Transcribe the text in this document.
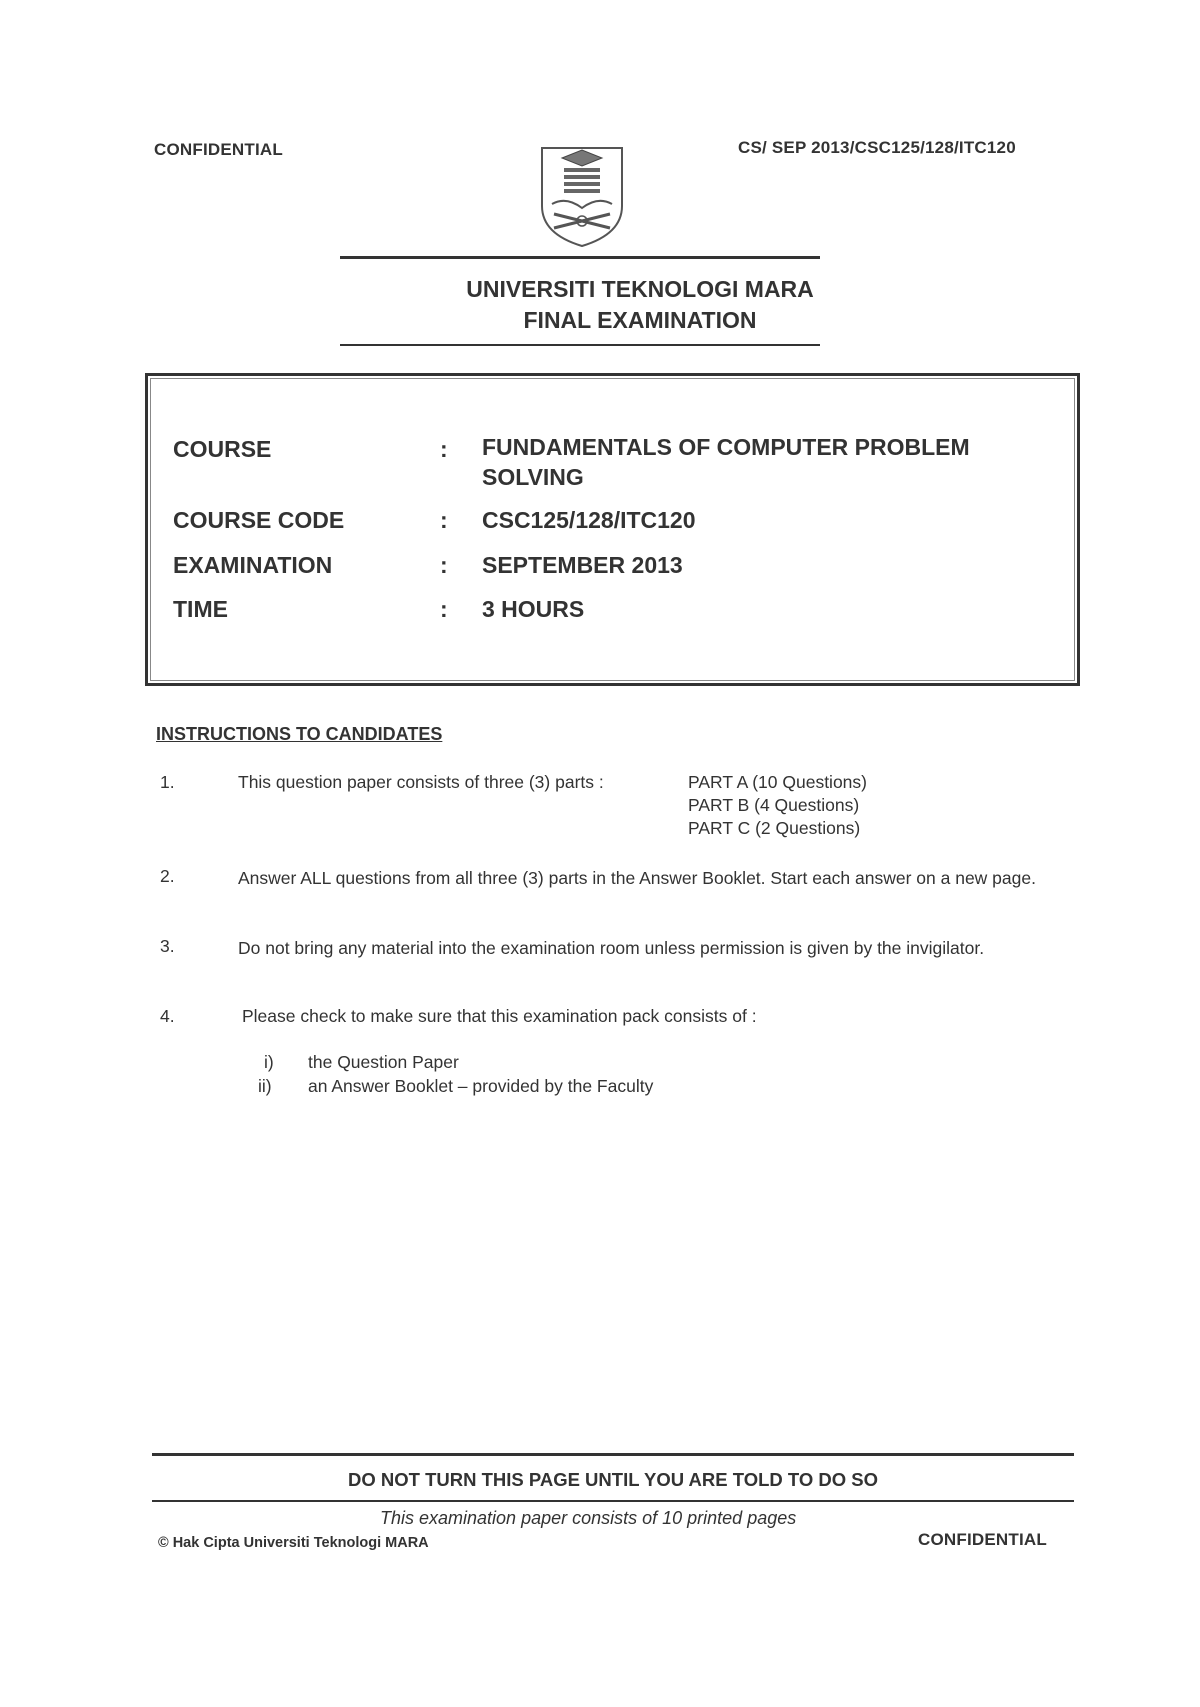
CONFIDENTIAL	CS/ SEP 2013/CSC125/128/ITC120
UNIVERSITI TEKNOLOGI MARA
FINAL EXAMINATION
COURSE	: FUNDAMENTALS OF COMPUTER PROBLEM
SOLVING
COURSE CODE	: CSC125/128/ITC120
EXAMINATION	: SEPTEMBER 2013
TIME	: 3 HOURS
INSTRUCTIONS TO CANDIDATES
1.	This question paper consists of three (3) parts :	PART A (10 Questions)
PART B (4 Questions)
PART C (2 Questions)
2.	Answer ALL questions from all three (3) parts in the Answer Booklet. Start each answer on a new page.
3.	Do not bring any material into the examination room unless permission is given by the invigilator.
4.	Please check to make sure that this examination pack consists of :
i) the Question Paper
ii) an Answer Booklet – provided by the Faculty
DO NOT TURN THIS PAGE UNTIL YOU ARE TOLD TO DO SO
This examination paper consists of 10 printed pages
© Hak Cipta Universiti Teknologi MARA	CONFIDENTIAL
